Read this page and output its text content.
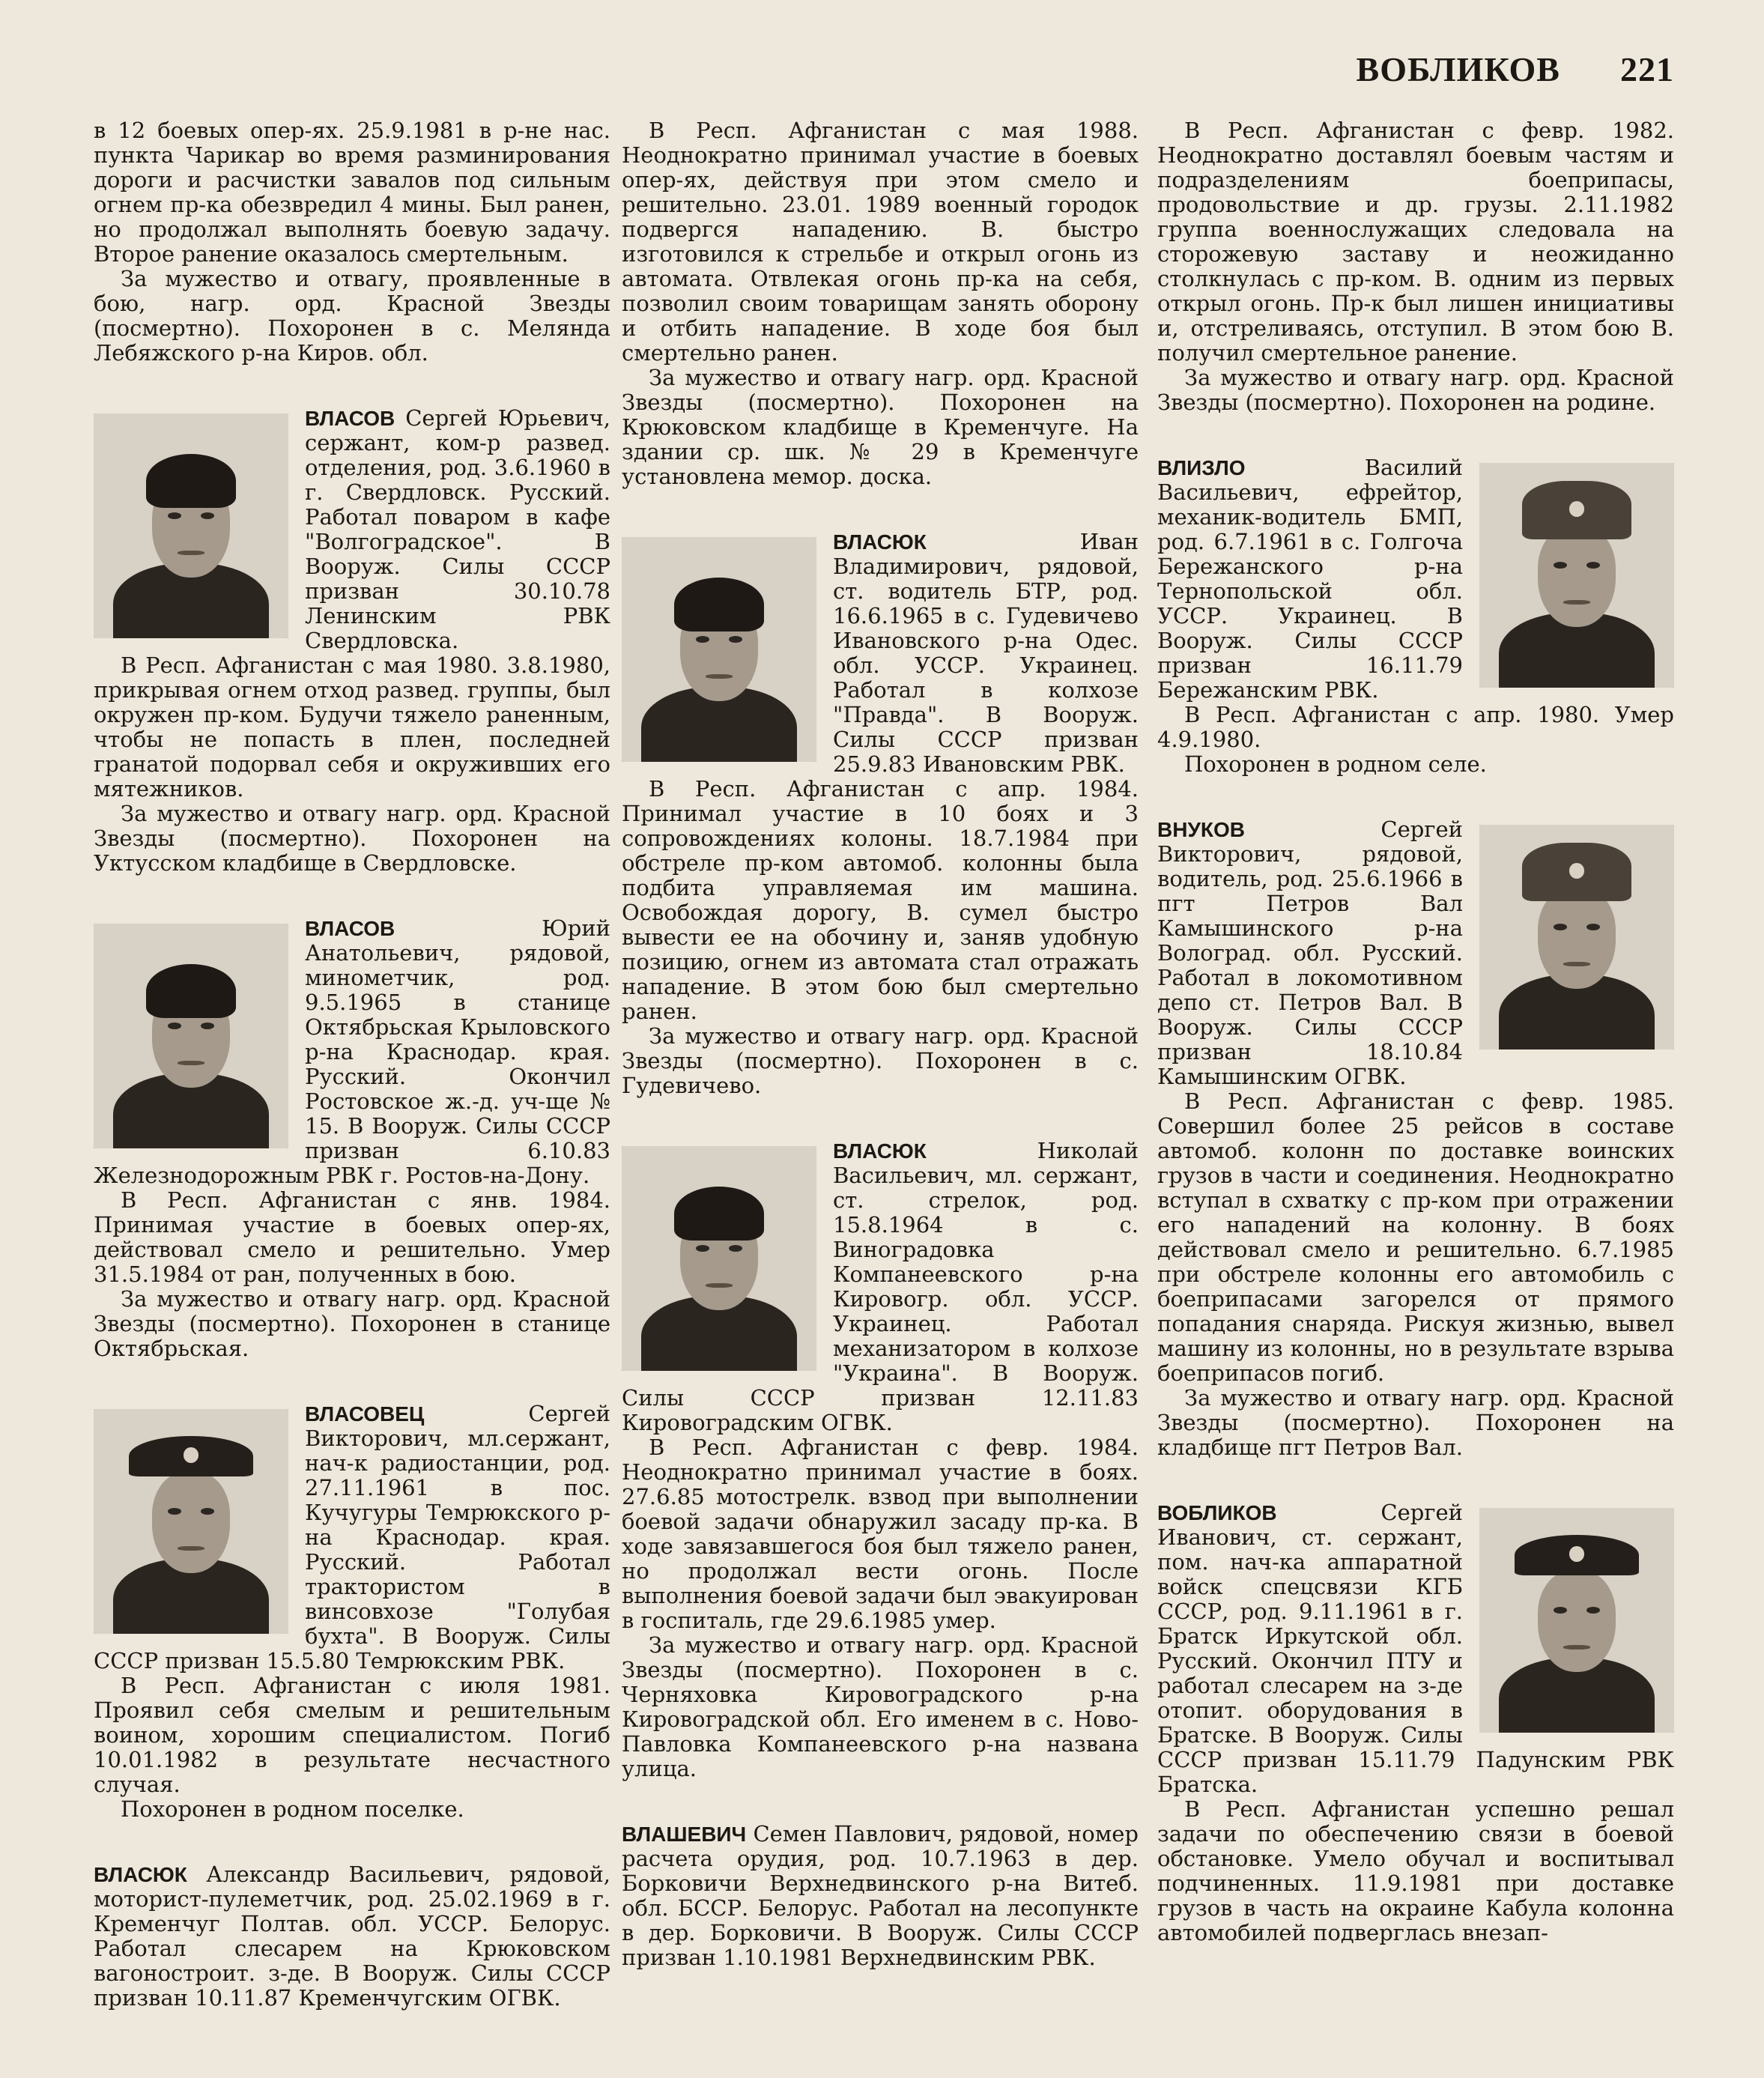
ВОБЛИКОВ 221

в 12 боевых опер-ях. 25.9.1981 в р-не нас. пункта Чарикар во время разминирования дороги и расчистки завалов под сильным огнем пр-ка обезвредил 4 мины. Был ранен, но продолжал выполнять боевую задачу. Второе ранение оказалось смертельным.

За мужество и отвагу, проявленные в бою, нагр. орд. Красной Звезды (посмертно). Похоронен в с. Мелянда Лебяжского р-на Киров. обл.

ВЛАСОВ Сергей Юрьевич, сержант, ком-р развед. отделения, род. 3.6.1960 в г. Свердловск. Русский. Работал поваром в кафе "Волгоградское". В Вооруж. Силы СССР призван 30.10.78 Ленинским РВК Свердловска.

В Респ. Афганистан с мая 1980. 3.8.1980, прикрывая огнем отход развед. группы, был окружен пр-ком. Будучи тяжело раненным, чтобы не попасть в плен, последней гранатой подорвал себя и окруживших его мятежников.

За мужество и отвагу нагр. орд. Красной Звезды (посмертно). Похоронен на Уктусском кладбище в Свердловске.

ВЛАСОВ Юрий Анатольевич, рядовой, минометчик, род. 9.5.1965 в станице Октябрьская Крыловского р-на Краснодар. края. Русский. Окончил Ростовское ж.-д. уч-ще № 15. В Вооруж. Силы СССР призван 6.10.83 Железнодорожным РВК г. Ростов-на-Дону.

В Респ. Афганистан с янв. 1984. Принимая участие в боевых опер-ях, действовал смело и решительно. Умер 31.5.1984 от ран, полученных в бою.

За мужество и отвагу нагр. орд. Красной Звезды (посмертно). Похоронен в станице Октябрьская.

ВЛАСОВЕЦ Сергей Викторович, мл.сержант, нач-к радиостанции, род. 27.11.1961 в пос. Кучугуры Темрюкского р-на Краснодар. края. Русский. Работал трактористом в винсовхозе "Голубая бухта". В Вооруж. Силы СССР призван 15.5.80 Темрюкским РВК.

В Респ. Афганистан с июля 1981. Проявил себя смелым и решительным воином, хорошим специалистом. Погиб 10.01.1982 в результате несчастного случая.

Похоронен в родном поселке.

ВЛАСЮК Александр Васильевич, рядовой, моторист-пулеметчик, род. 25.02.1969 в г. Кременчуг Полтав. обл. УССР. Белорус. Работал слесарем на Крюковском вагоностроит. з-де. В Вооруж. Силы СССР призван 10.11.87 Кременчугским ОГВК.

В Респ. Афганистан с мая 1988. Неоднократно принимал участие в боевых опер-ях, действуя при этом смело и решительно. 23.01. 1989 военный городок подвергся нападению. В. быстро изготовился к стрельбе и открыл огонь из автомата. Отвлекая огонь пр-ка на себя, позволил своим товарищам занять оборону и отбить нападение. В ходе боя был смертельно ранен.

За мужество и отвагу нагр. орд. Красной Звезды (посмертно). Похоронен на Крюковском кладбище в Кременчуге. На здании ср. шк. № 29 в Кременчуге установлена мемор. доска.

ВЛАСЮК Иван Владимирович, рядовой, ст. водитель БТР, род. 16.6.1965 в с. Гудевичево Ивановского р-на Одес. обл. УССР. Украинец. Работал в колхозе "Правда". В Вооруж. Силы СССР призван 25.9.83 Ивановским РВК.

В Респ. Афганистан с апр. 1984. Принимал участие в 10 боях и 3 сопровождениях колоны. 18.7.1984 при обстреле пр-ком автомоб. колонны была подбита управляемая им машина. Освобождая дорогу, В. сумел быстро вывести ее на обочину и, заняв удобную позицию, огнем из автомата стал отражать нападение. В этом бою был смертельно ранен.

За мужество и отвагу нагр. орд. Красной Звезды (посмертно). Похоронен в с. Гудевичево.

ВЛАСЮК Николай Васильевич, мл. сержант, ст. стрелок, род. 15.8.1964 в с. Виноградовка Компанеевского р-на Кировогр. обл. УССР. Украинец. Работал механизатором в колхозе "Украина". В Вооруж. Силы СССР призван 12.11.83 Кировоградским ОГВК.

В Респ. Афганистан с февр. 1984. Неоднократно принимал участие в боях. 27.6.85 мотострелк. взвод при выполнении боевой задачи обнаружил засаду пр-ка. В ходе завязавшегося боя был тяжело ранен, но продолжал вести огонь. После выполнения боевой задачи был эвакуирован в госпиталь, где 29.6.1985 умер.

За мужество и отвагу нагр. орд. Красной Звезды (посмертно). Похоронен в с. Черняховка Кировоградского р-на Кировоградской обл. Его именем в с. Ново-Павловка Компанеевского р-на названа улица.

ВЛАШЕВИЧ Семен Павлович, рядовой, номер расчета орудия, род. 10.7.1963 в дер. Борковичи Верхнедвинского р-на Витеб. обл. БССР. Белорус. Работал на лесопункте в дер. Борковичи. В Вооруж. Силы СССР призван 1.10.1981 Верхнедвинским РВК.

В Респ. Афганистан с февр. 1982. Неоднократно доставлял боевым частям и подразделениям боеприпасы, продовольствие и др. грузы. 2.11.1982 группа военнослужащих следовала на сторожевую заставу и неожиданно столкнулась с пр-ком. В. одним из первых открыл огонь. Пр-к был лишен инициативы и, отстреливаясь, отступил. В этом бою В. получил смертельное ранение.

За мужество и отвагу нагр. орд. Красной Звезды (посмертно). Похоронен на родине.

ВЛИЗЛО Василий Васильевич, ефрейтор, механик-водитель БМП, род. 6.7.1961 в с. Голгоча Бережанского р-на Тернопольской обл. УССР. Украинец. В Вооруж. Силы СССР призван 16.11.79 Бережанским РВК.

В Респ. Афганистан с апр. 1980. Умер 4.9.1980.

Похоронен в родном селе.

ВНУКОВ Сергей Викторович, рядовой, водитель, род. 25.6.1966 в пгт Петров Вал Камышинского р-на Волоград. обл. Русский. Работал в локомотивном депо ст. Петров Вал. В Вооруж. Силы СССР призван 18.10.84 Камышинским ОГВК.

В Респ. Афганистан с февр. 1985. Совершил более 25 рейсов в составе автомоб. колонн по доставке воинских грузов в части и соединения. Неоднократно вступал в схватку с пр-ком при отражении его нападений на колонну. В боях действовал смело и решительно. 6.7.1985 при обстреле колонны его автомобиль с боеприпасами загорелся от прямого попадания снаряда. Рискуя жизнью, вывел машину из колонны, но в результате взрыва боеприпасов погиб.

За мужество и отвагу нагр. орд. Красной Звезды (посмертно). Похоронен на кладбище пгт Петров Вал.

ВОБЛИКОВ Сергей Иванович, ст. сержант, пом. нач-ка аппаратной войск спецсвязи КГБ СССР, род. 9.11.1961 в г. Братск Иркутской обл. Русский. Окончил ПТУ и работал слесарем на з-де отопит. оборудования в Братске. В Вооруж. Силы СССР призван 15.11.79 Падунским РВК Братска.

В Респ. Афганистан успешно решал задачи по обеспечению связи в боевой обстановке. Умело обучал и воспитывал подчиненных. 11.9.1981 при доставке грузов в часть на окраине Кабула колонна автомобилей подверглась внезап-
